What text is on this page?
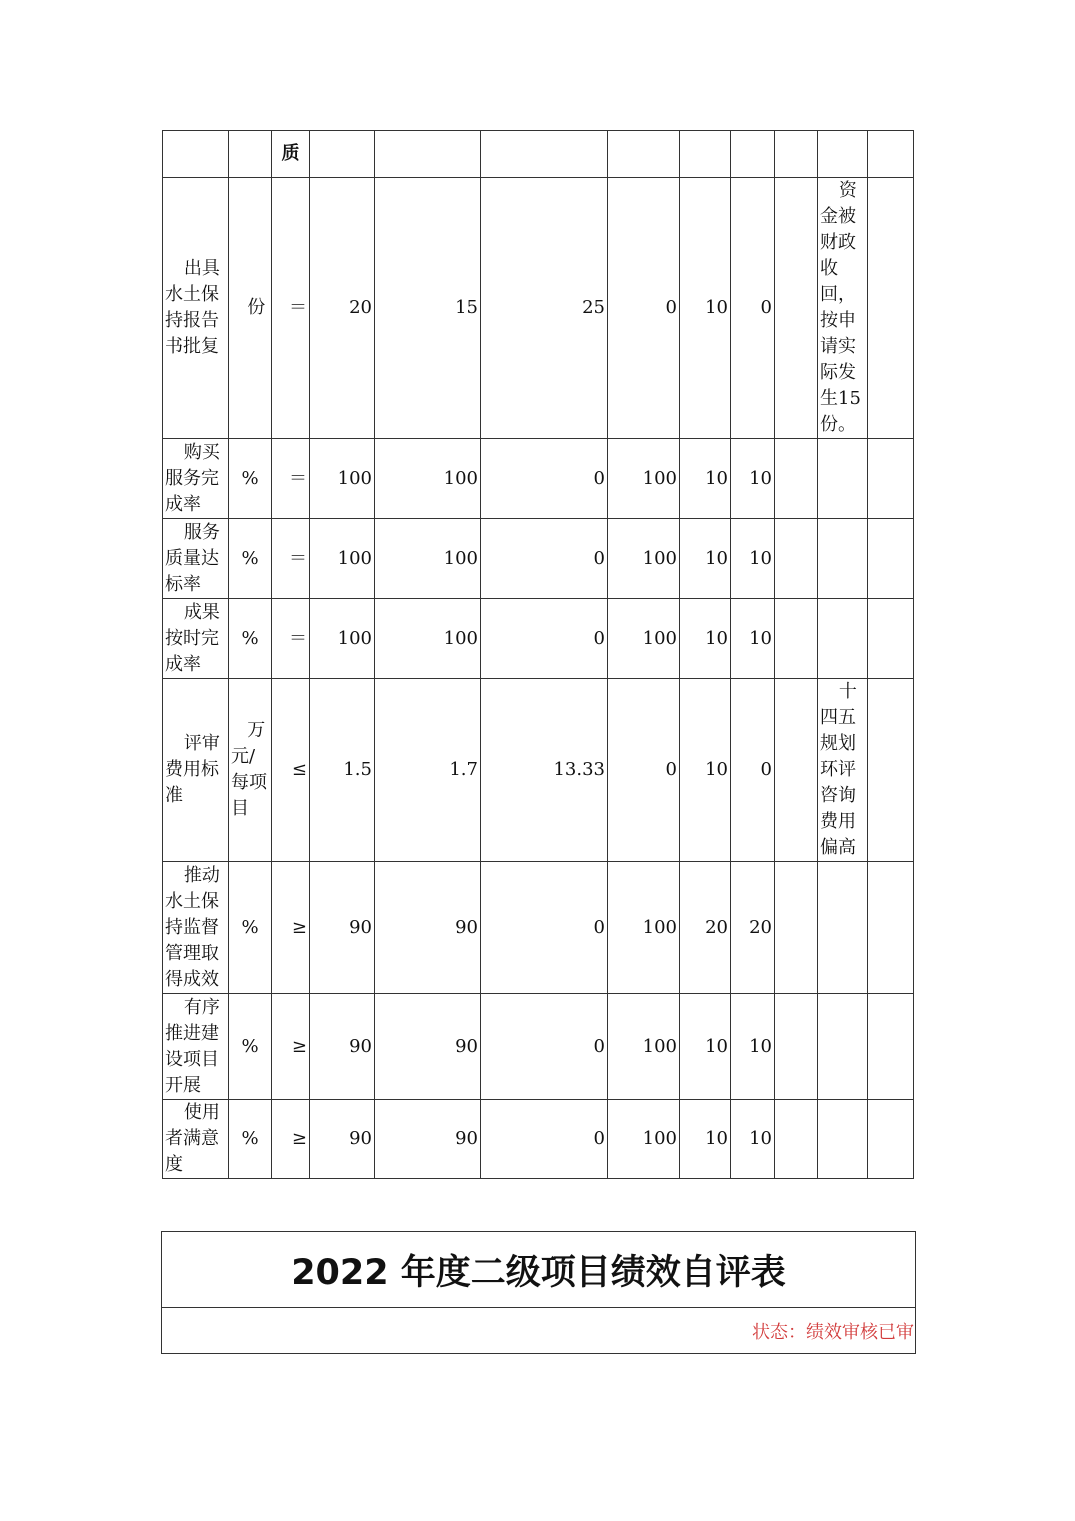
		质									
出具水土保持报告书批复	份	＝	20	15	25	0	10	0		资金被财政收回，按申请实际发生15份。	
购买服务完成率	%	＝	100	100	0	100	10	10			
服务质量达标率	%	＝	100	100	0	100	10	10			
成果按时完成率	%	＝	100	100	0	100	10	10			
评审费用标准	万元/每项目	≤	1.5	1.7	13.33	0	10	0		十四五规划环评咨询费用偏高	
推动水土保持监督管理取得成效	%	≥	90	90	0	100	20	20			
有序推进建设项目开展	%	≥	90	90	0	100	10	10			
使用者满意度	%	≥	90	90	0	100	10	10			
2022 年度二级项目绩效自评表
状态：绩效审核已审
